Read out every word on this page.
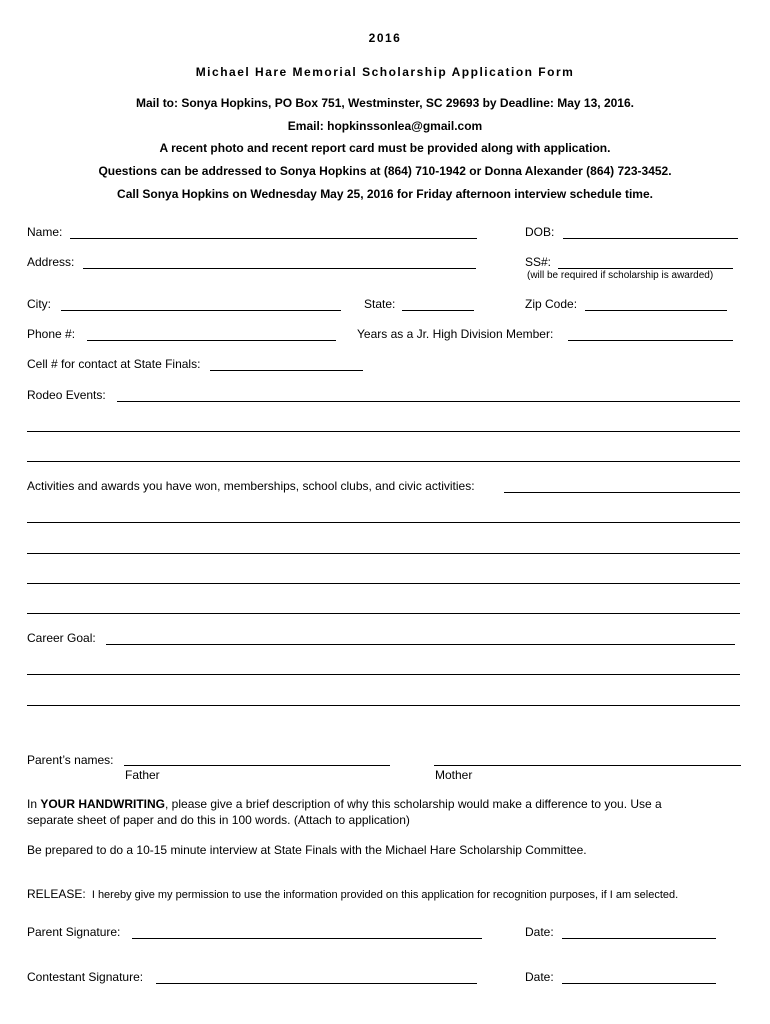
2016
Michael Hare Memorial Scholarship Application Form
Mail to: Sonya Hopkins, PO Box 751, Westminster, SC 29693 by Deadline: May 13, 2016.
Email: hopkinssonlea@gmail.com
A recent photo and recent report card must be provided along with application.
Questions can be addressed to Sonya Hopkins at (864) 710-1942 or Donna Alexander (864) 723-3452.
Call Sonya Hopkins on Wednesday May 25, 2016 for Friday afternoon interview schedule time.
Name:	DOB:
Address:	SS#:
(will be required if scholarship is awarded)
City:	State:	Zip Code:
Phone #:	Years as a Jr. High Division Member:
Cell # for contact at State Finals:
Rodeo Events:
Activities and awards you have won, memberships, school clubs, and civic activities:
Career Goal:
Parent’s names:
Father	Mother
In YOUR HANDWRITING, please give a brief description of why this scholarship would make a difference to you. Use a
separate sheet of paper and do this in 100 words. (Attach to application)
Be prepared to do a 10-15 minute interview at State Finals with the Michael Hare Scholarship Committee.
RELEASE: I hereby give my permission to use the information provided on this application for recognition purposes, if I am selected.
Parent Signature:	Date:
Contestant Signature:	Date:
